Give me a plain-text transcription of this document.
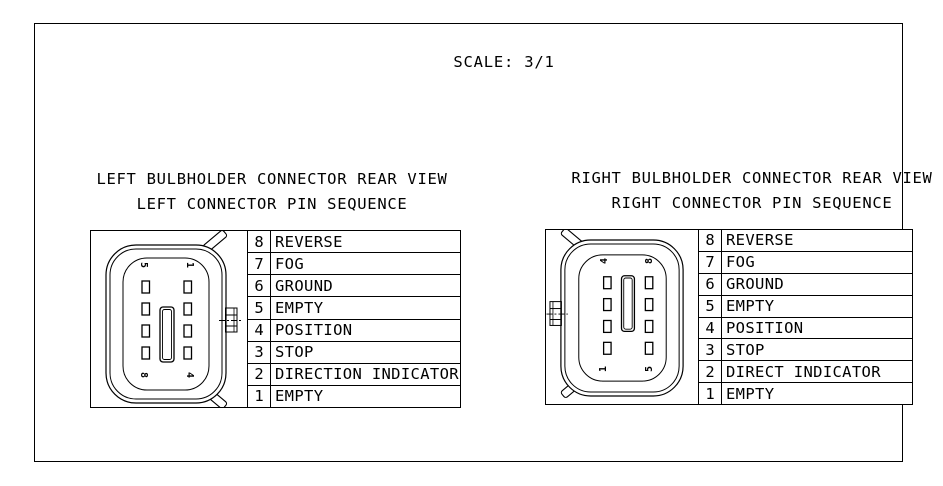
SCALE: 3/1
LEFT BULBHOLDER CONNECTOR REAR VIEW
LEFT CONNECTOR PIN SEQUENCE
RIGHT BULBHOLDER CONNECTOR REAR VIEW
RIGHT CONNECTOR PIN SEQUENCE
5	1
8	4
8 REVERSE
7 FOG
6 GROUND
5 EMPTY
4 POSITION
3 STOP
2 DIRECTION INDICATOR
1 EMPTY
4	8
1	5
8 REVERSE
7 FOG
6 GROUND
5 EMPTY
4 POSITION
3 STOP
2 DIRECT INDICATOR
1 EMPTY
